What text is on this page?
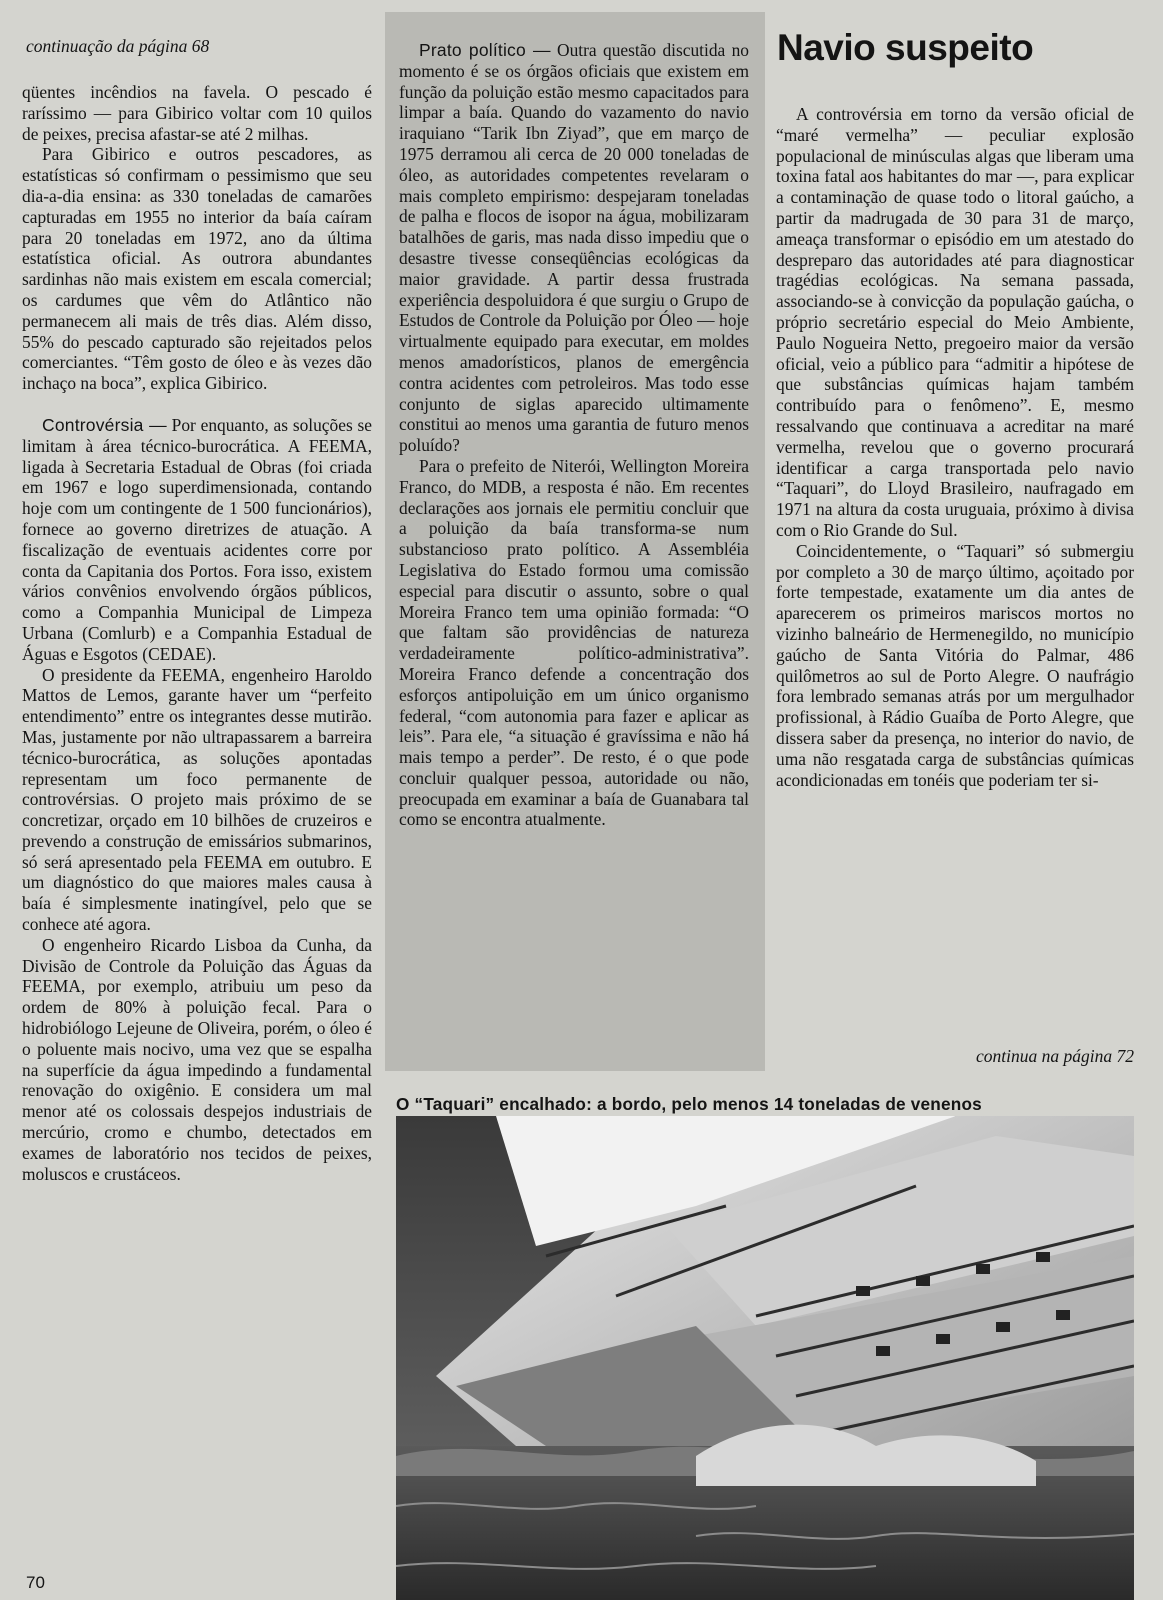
continuação da página 68

qüentes incêndios na favela. O pescado é raríssimo — para Gibirico voltar com 10 quilos de peixes, precisa afastar-se até 2 milhas.

Para Gibirico e outros pescadores, as estatísticas só confirmam o pessimismo que seu dia-a-dia ensina: as 330 toneladas de camarões capturadas em 1955 no interior da baía caíram para 20 toneladas em 1972, ano da última estatística oficial. As outrora abundantes sardinhas não mais existem em escala comercial; os cardumes que vêm do Atlântico não permanecem ali mais de três dias. Além disso, 55% do pescado capturado são rejeitados pelos comerciantes. “Têm gosto de óleo e às vezes dão inchaço na boca”, explica Gibirico.

Controvérsia — Por enquanto, as soluções se limitam à área técnico-burocrática. A FEEMA, ligada à Secretaria Estadual de Obras (foi criada em 1967 e logo superdimensionada, contando hoje com um contingente de 1 500 funcionários), fornece ao governo diretrizes de atuação. A fiscalização de eventuais acidentes corre por conta da Capitania dos Portos. Fora isso, existem vários convênios envolvendo órgãos públicos, como a Companhia Municipal de Limpeza Urbana (Comlurb) e a Companhia Estadual de Águas e Esgotos (CEDAE).

O presidente da FEEMA, engenheiro Haroldo Mattos de Lemos, garante haver um “perfeito entendimento” entre os integrantes desse mutirão. Mas, justamente por não ultrapassarem a barreira técnico-burocrática, as soluções apontadas representam um foco permanente de controvérsias. O projeto mais próximo de se concretizar, orçado em 10 bilhões de cruzeiros e prevendo a construção de emissários submarinos, só será apresentado pela FEEMA em outubro. E um diagnóstico do que maiores males causa à baía é simplesmente inatingível, pelo que se conhece até agora.

O engenheiro Ricardo Lisboa da Cunha, da Divisão de Controle da Poluição das Águas da FEEMA, por exemplo, atribuiu um peso da ordem de 80% à poluição fecal. Para o hidrobiólogo Lejeune de Oliveira, porém, o óleo é o poluente mais nocivo, uma vez que se espalha na superfície da água impedindo a fundamental renovação do oxigênio. E considera um mal menor até os colossais despejos industriais de mercúrio, cromo e chumbo, detectados em exames de laboratório nos tecidos de peixes, moluscos e crustáceos.

Prato político — Outra questão discutida no momento é se os órgãos oficiais que existem em função da poluição estão mesmo capacitados para limpar a baía. Quando do vazamento do navio iraquiano “Tarik Ibn Ziyad”, que em março de 1975 derramou ali cerca de 20 000 toneladas de óleo, as autoridades competentes revelaram o mais completo empirismo: despejaram toneladas de palha e flocos de isopor na água, mobilizaram batalhões de garis, mas nada disso impediu que o desastre tivesse conseqüências ecológicas da maior gravidade. A partir dessa frustrada experiência despoluidora é que surgiu o Grupo de Estudos de Controle da Poluição por Óleo — hoje virtualmente equipado para executar, em moldes menos amadorísticos, planos de emergência contra acidentes com petroleiros. Mas todo esse conjunto de siglas aparecido ultimamente constitui ao menos uma garantia de futuro menos poluído?

Para o prefeito de Niterói, Wellington Moreira Franco, do MDB, a resposta é não. Em recentes declarações aos jornais ele permitiu concluir que a poluição da baía transforma-se num substancioso prato político. A Assembléia Legislativa do Estado formou uma comissão especial para discutir o assunto, sobre o qual Moreira Franco tem uma opinião formada: “O que faltam são providências de natureza verdadeiramente político-administrativa”. Moreira Franco defende a concentração dos esforços antipoluição em um único organismo federal, “com autonomia para fazer e aplicar as leis”. Para ele, “a situação é gravíssima e não há mais tempo a perder”. De resto, é o que pode concluir qualquer pessoa, autoridade ou não, preocupada em examinar a baía de Guanabara tal como se encontra atualmente.

Navio suspeito

A controvérsia em torno da versão oficial de “maré vermelha” — peculiar explosão populacional de minúsculas algas que liberam uma toxina fatal aos habitantes do mar —, para explicar a contaminação de quase todo o litoral gaúcho, a partir da madrugada de 30 para 31 de março, ameaça transformar o episódio em um atestado do despreparo das autoridades até para diagnosticar tragédias ecológicas. Na semana passada, associando-se à convicção da população gaúcha, o próprio secretário especial do Meio Ambiente, Paulo Nogueira Netto, pregoeiro maior da versão oficial, veio a público para “admitir a hipótese de que substâncias químicas hajam também contribuído para o fenômeno”. E, mesmo ressalvando que continuava a acreditar na maré vermelha, revelou que o governo procurará identificar a carga transportada pelo navio “Taquari”, do Lloyd Brasileiro, naufragado em 1971 na altura da costa uruguaia, próximo à divisa com o Rio Grande do Sul.

Coincidentemente, o “Taquari” só submergiu por completo a 30 de março último, açoitado por forte tempestade, exatamente um dia antes de aparecerem os primeiros mariscos mortos no vizinho balneário de Hermenegildo, no município gaúcho de Santa Vitória do Palmar, 486 quilômetros ao sul de Porto Alegre. O naufrágio fora lembrado semanas atrás por um mergulhador profissional, à Rádio Guaíba de Porto Alegre, que dissera saber da presença, no interior do navio, de uma não resgatada carga de substâncias químicas acondicionadas em tonéis que poderiam ter si-

continua na página 72
O “Taquari” encalhado: a bordo, pelo menos 14 toneladas de venenos
70
